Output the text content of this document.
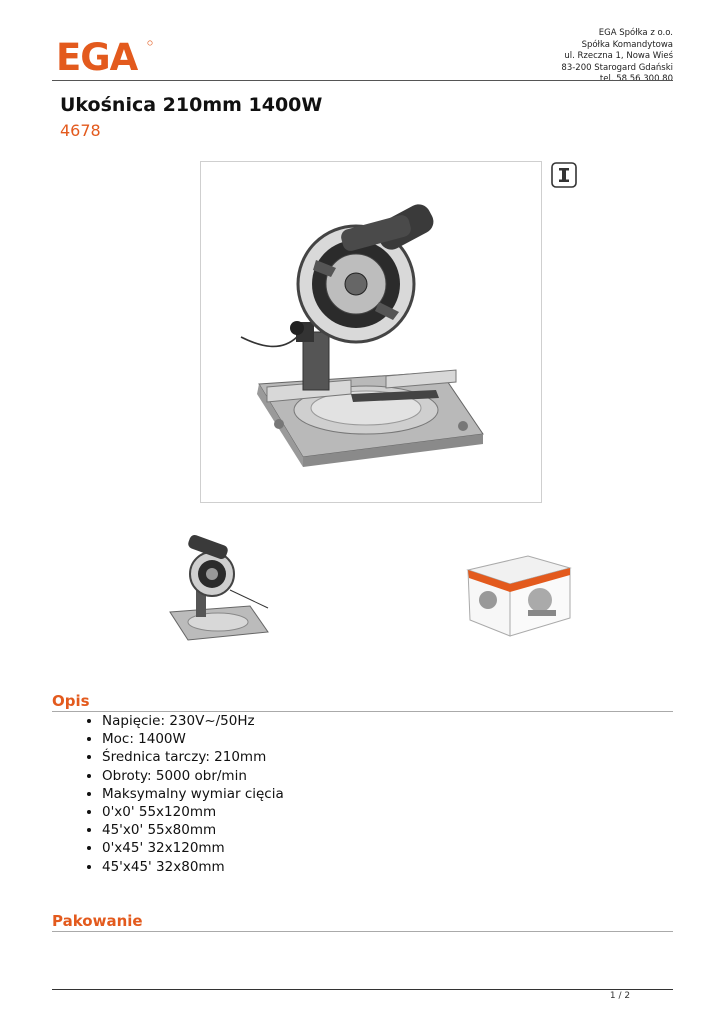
EGA
EGA Spółka z o.o.
Spółka Komandytowa
ul. Rzeczna 1, Nowa Wieś
83-200 Starogard Gdański
tel. 58 56 300 80
Ukośnica 210mm 1400W
4678
Opis
• Napięcie: 230V~/50Hz
• Moc: 1400W
• Średnica tarczy: 210mm
• Obroty: 5000 obr/min
• Maksymalny wymiar cięcia
• 0'x0' 55x120mm
• 45'x0' 55x80mm
• 0'x45' 32x120mm
• 45'x45' 32x80mm
Pakowanie
1 / 2
